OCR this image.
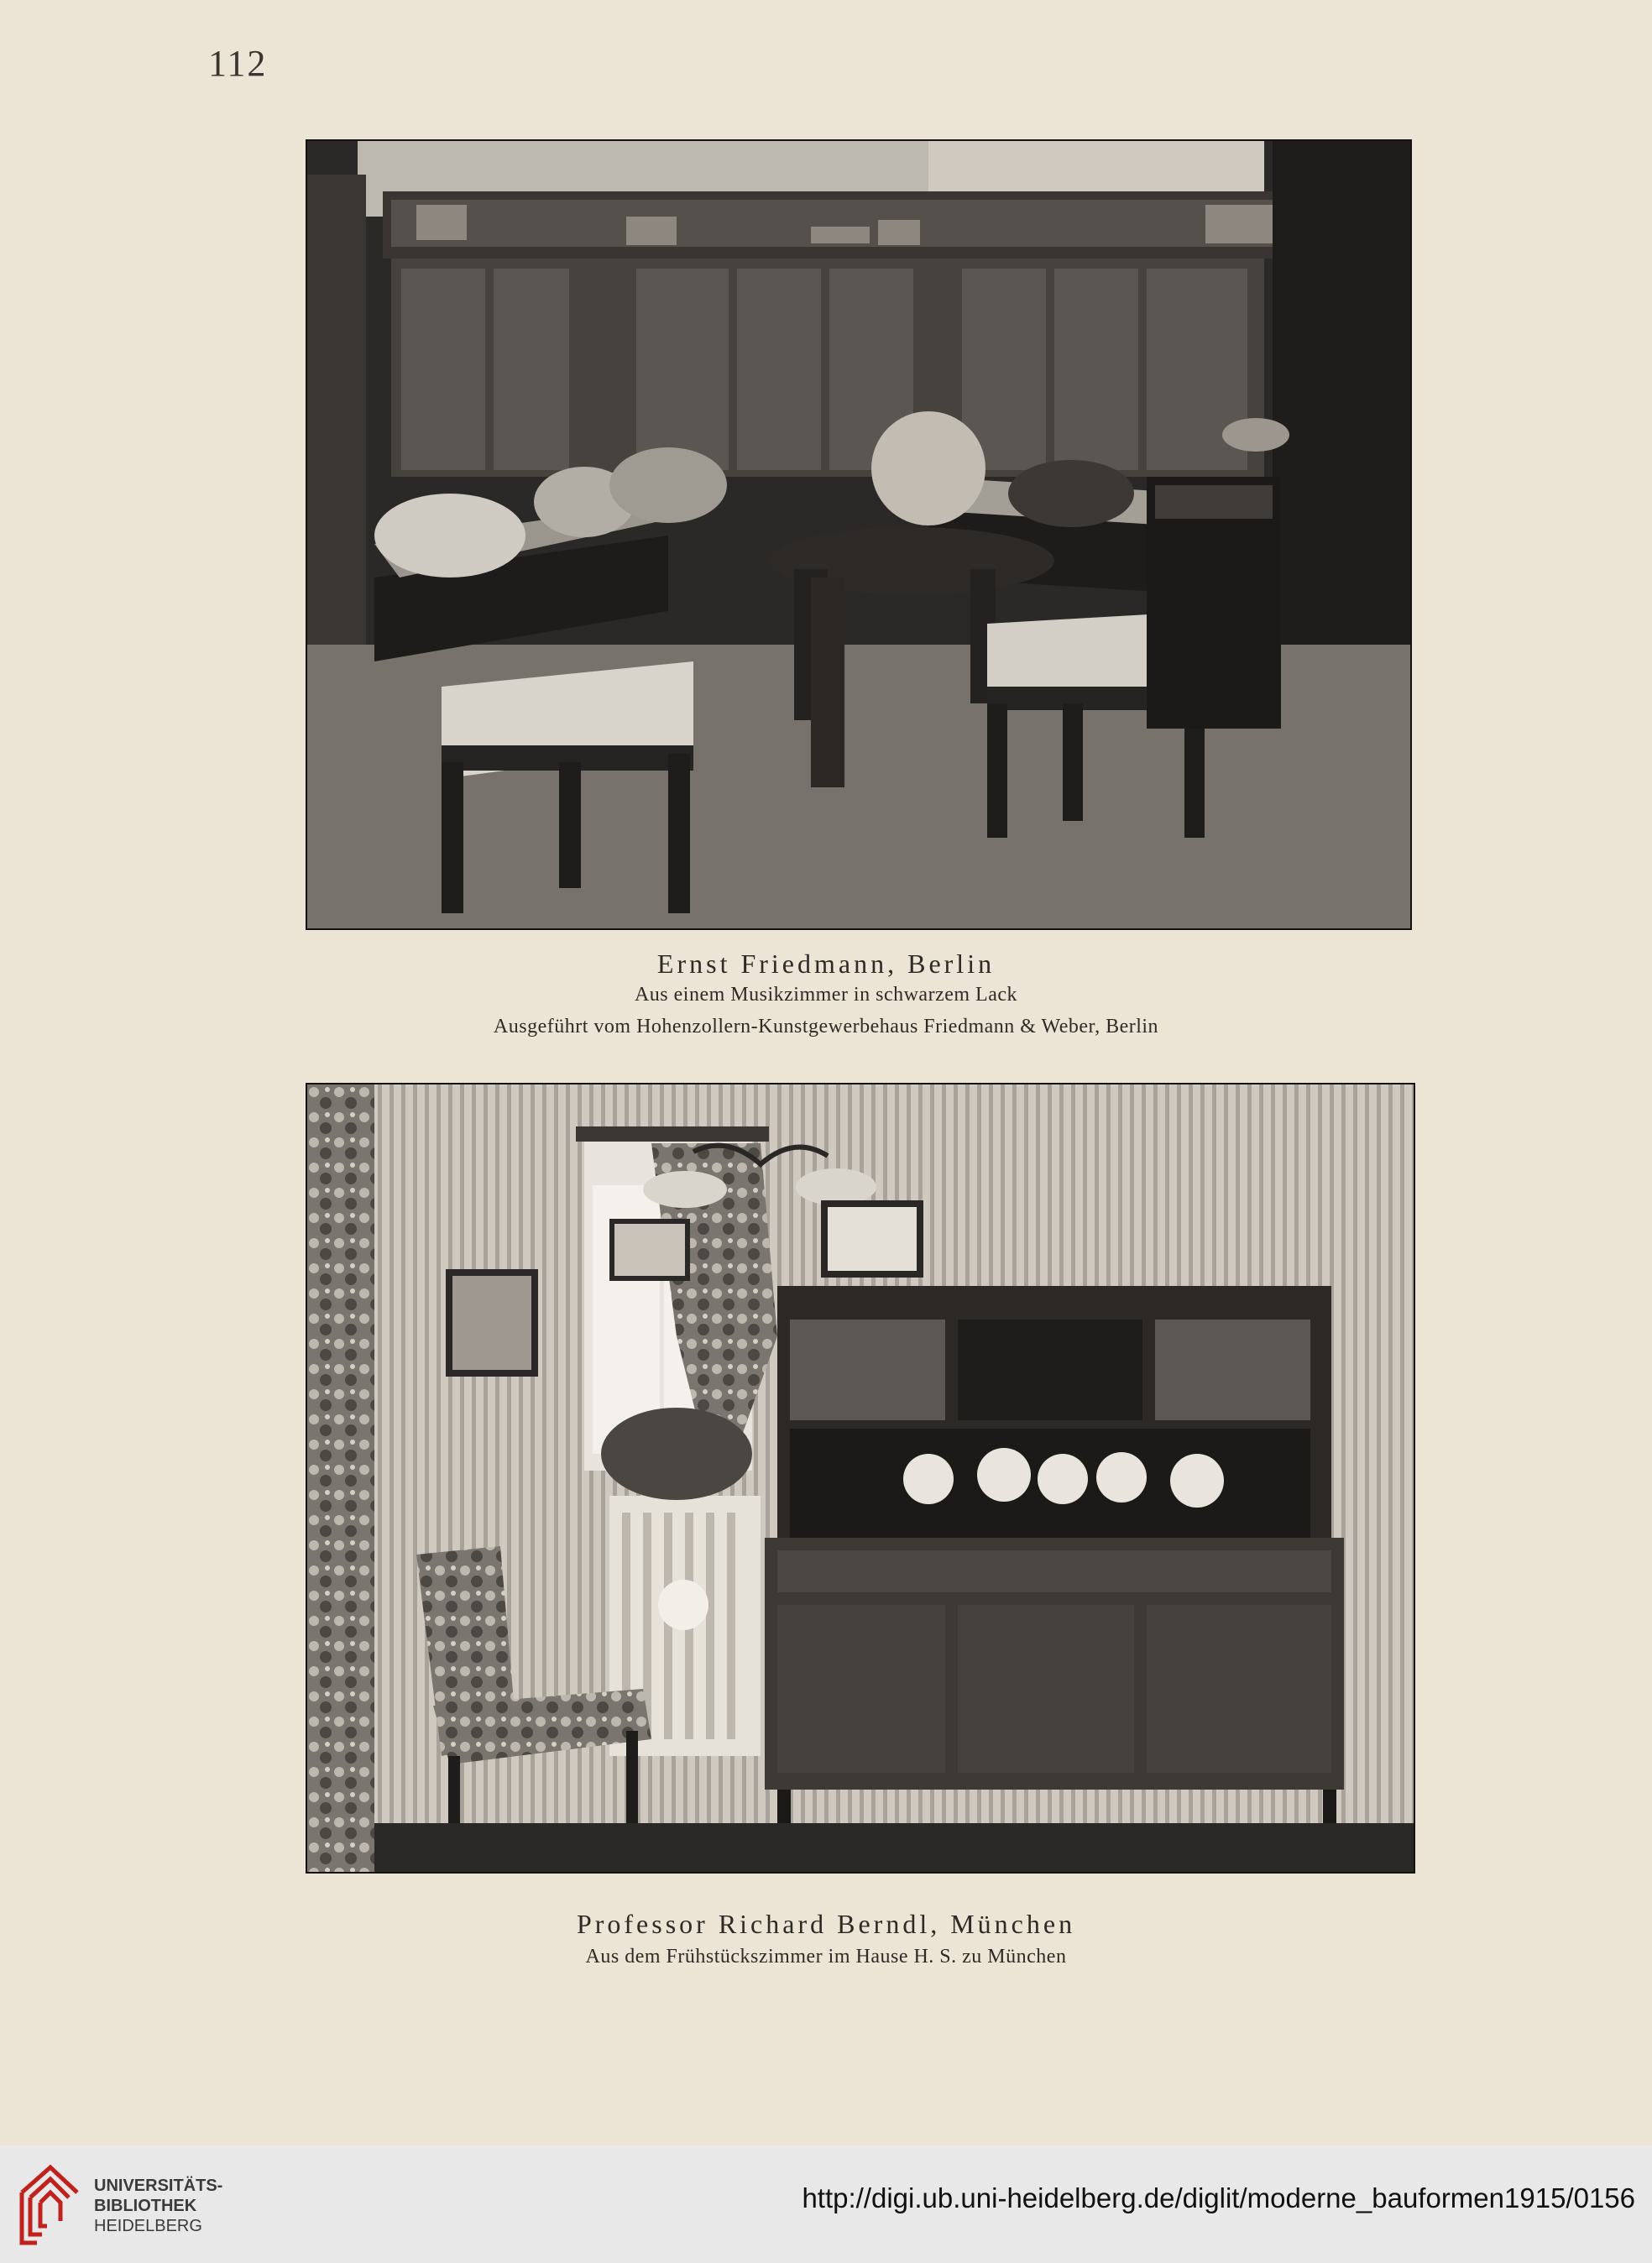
112
Ernst Friedmann, Berlin
Aus einem Musikzimmer in schwarzem Lack
Ausgeführt vom Hohenzollern-Kunstgewerbehaus Friedmann & Weber, Berlin
Professor Richard Berndl, München
Aus dem Frühstückszimmer im Hause H. S. zu München
UNIVERSITÄTS-
BIBLIOTHEK
HEIDELBERG
http://digi.ub.uni-heidelberg.de/diglit/moderne_bauformen1915/0156
